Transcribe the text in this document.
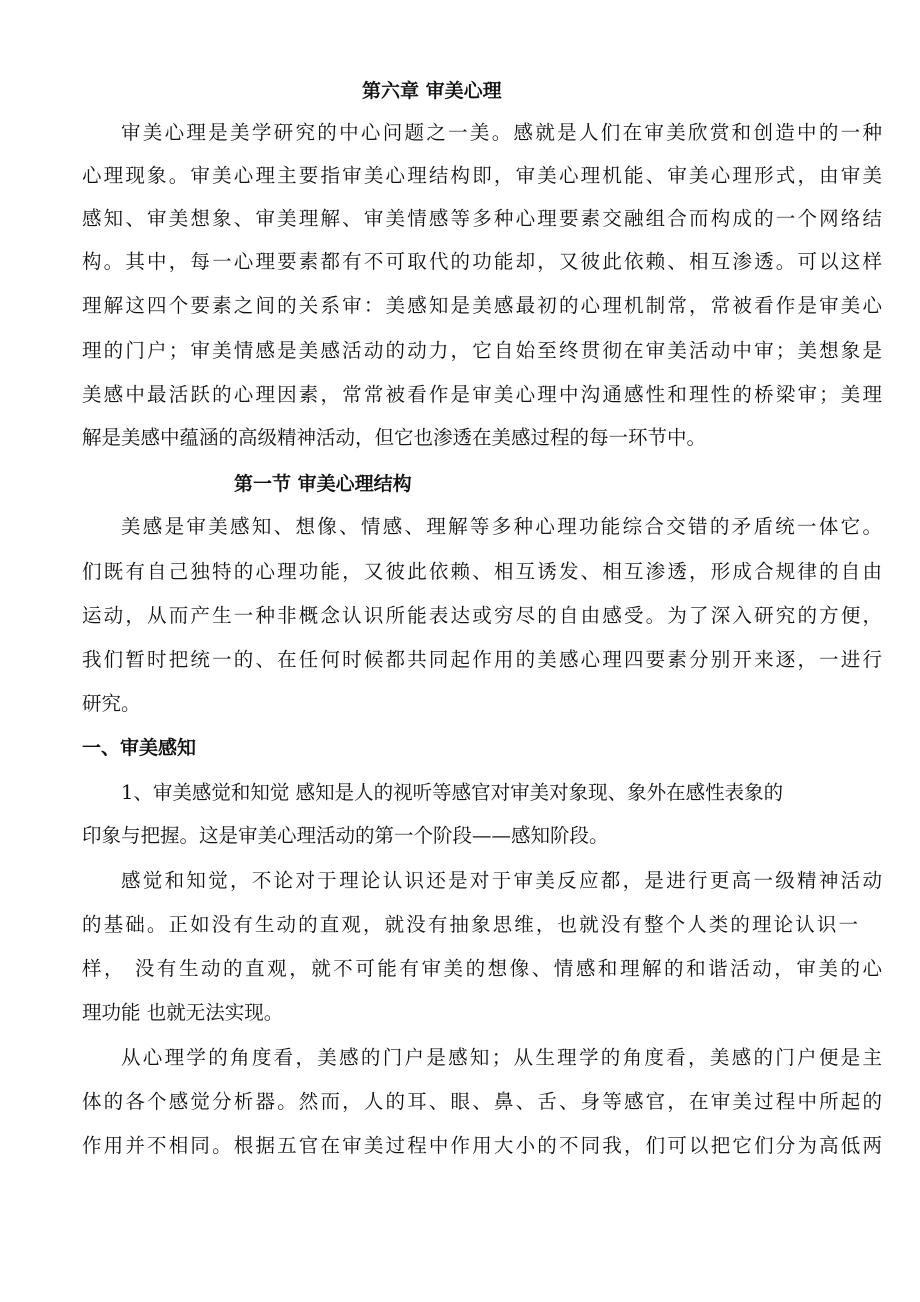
第六章 审美心理
审美心理是美学研究的中心问题之一美。感就是人们在审美欣赏和创造中的一种
心理现象。审美心理主要指审美心理结构即，审美心理机能、审美心理形式，由审美
感知、审美想象、审美理解、审美情感等多种心理要素交融组合而构成的一个网络结
构。其中，每一心理要素都有不可取代的功能却，又彼此依赖、相互渗透。可以这样
理解这四个要素之间的关系审：美感知是美感最初的心理机制常，常被看作是审美心
理的门户；审美情感是美感活动的动力，它自始至终贯彻在审美活动中审；美想象是
美感中最活跃的心理因素，常常被看作是审美心理中沟通感性和理性的桥梁审；美理
解是美感中蕴涵的高级精神活动，但它也渗透在美感过程的每一环节中。
第一节 审美心理结构
美感是审美感知、想像、情感、理解等多种心理功能综合交错的矛盾统一体它。
们既有自己独特的心理功能，又彼此依赖、相互诱发、相互渗透，形成合规律的自由
运动，从而产生一种非概念认识所能表达或穷尽的自由感受。为了深入研究的方便，
我们暂时把统一的、在任何时候都共同起作用的美感心理四要素分别开来逐，一进行
研究。
一、审美感知
1、审美感觉和知觉 感知是人的视听等感官对审美对象现、象外在感性表象的
印象与把握。这是审美心理活动的第一个阶段——感知阶段。
感觉和知觉，不论对于理论认识还是对于审美反应都，是进行更高一级精神活动
的基础。正如没有生动的直观，就没有抽象思维，也就没有整个人类的理论认识一
样， 没有生动的直观，就不可能有审美的想像、情感和理解的和谐活动，审美的心
理功能 也就无法实现。
从心理学的角度看，美感的门户是感知；从生理学的角度看，美感的门户便是主
体的各个感觉分析器。然而，人的耳、眼、鼻、舌、身等感官，在审美过程中所起的
作用并不相同。根据五官在审美过程中作用大小的不同我，们可以把它们分为高低两
